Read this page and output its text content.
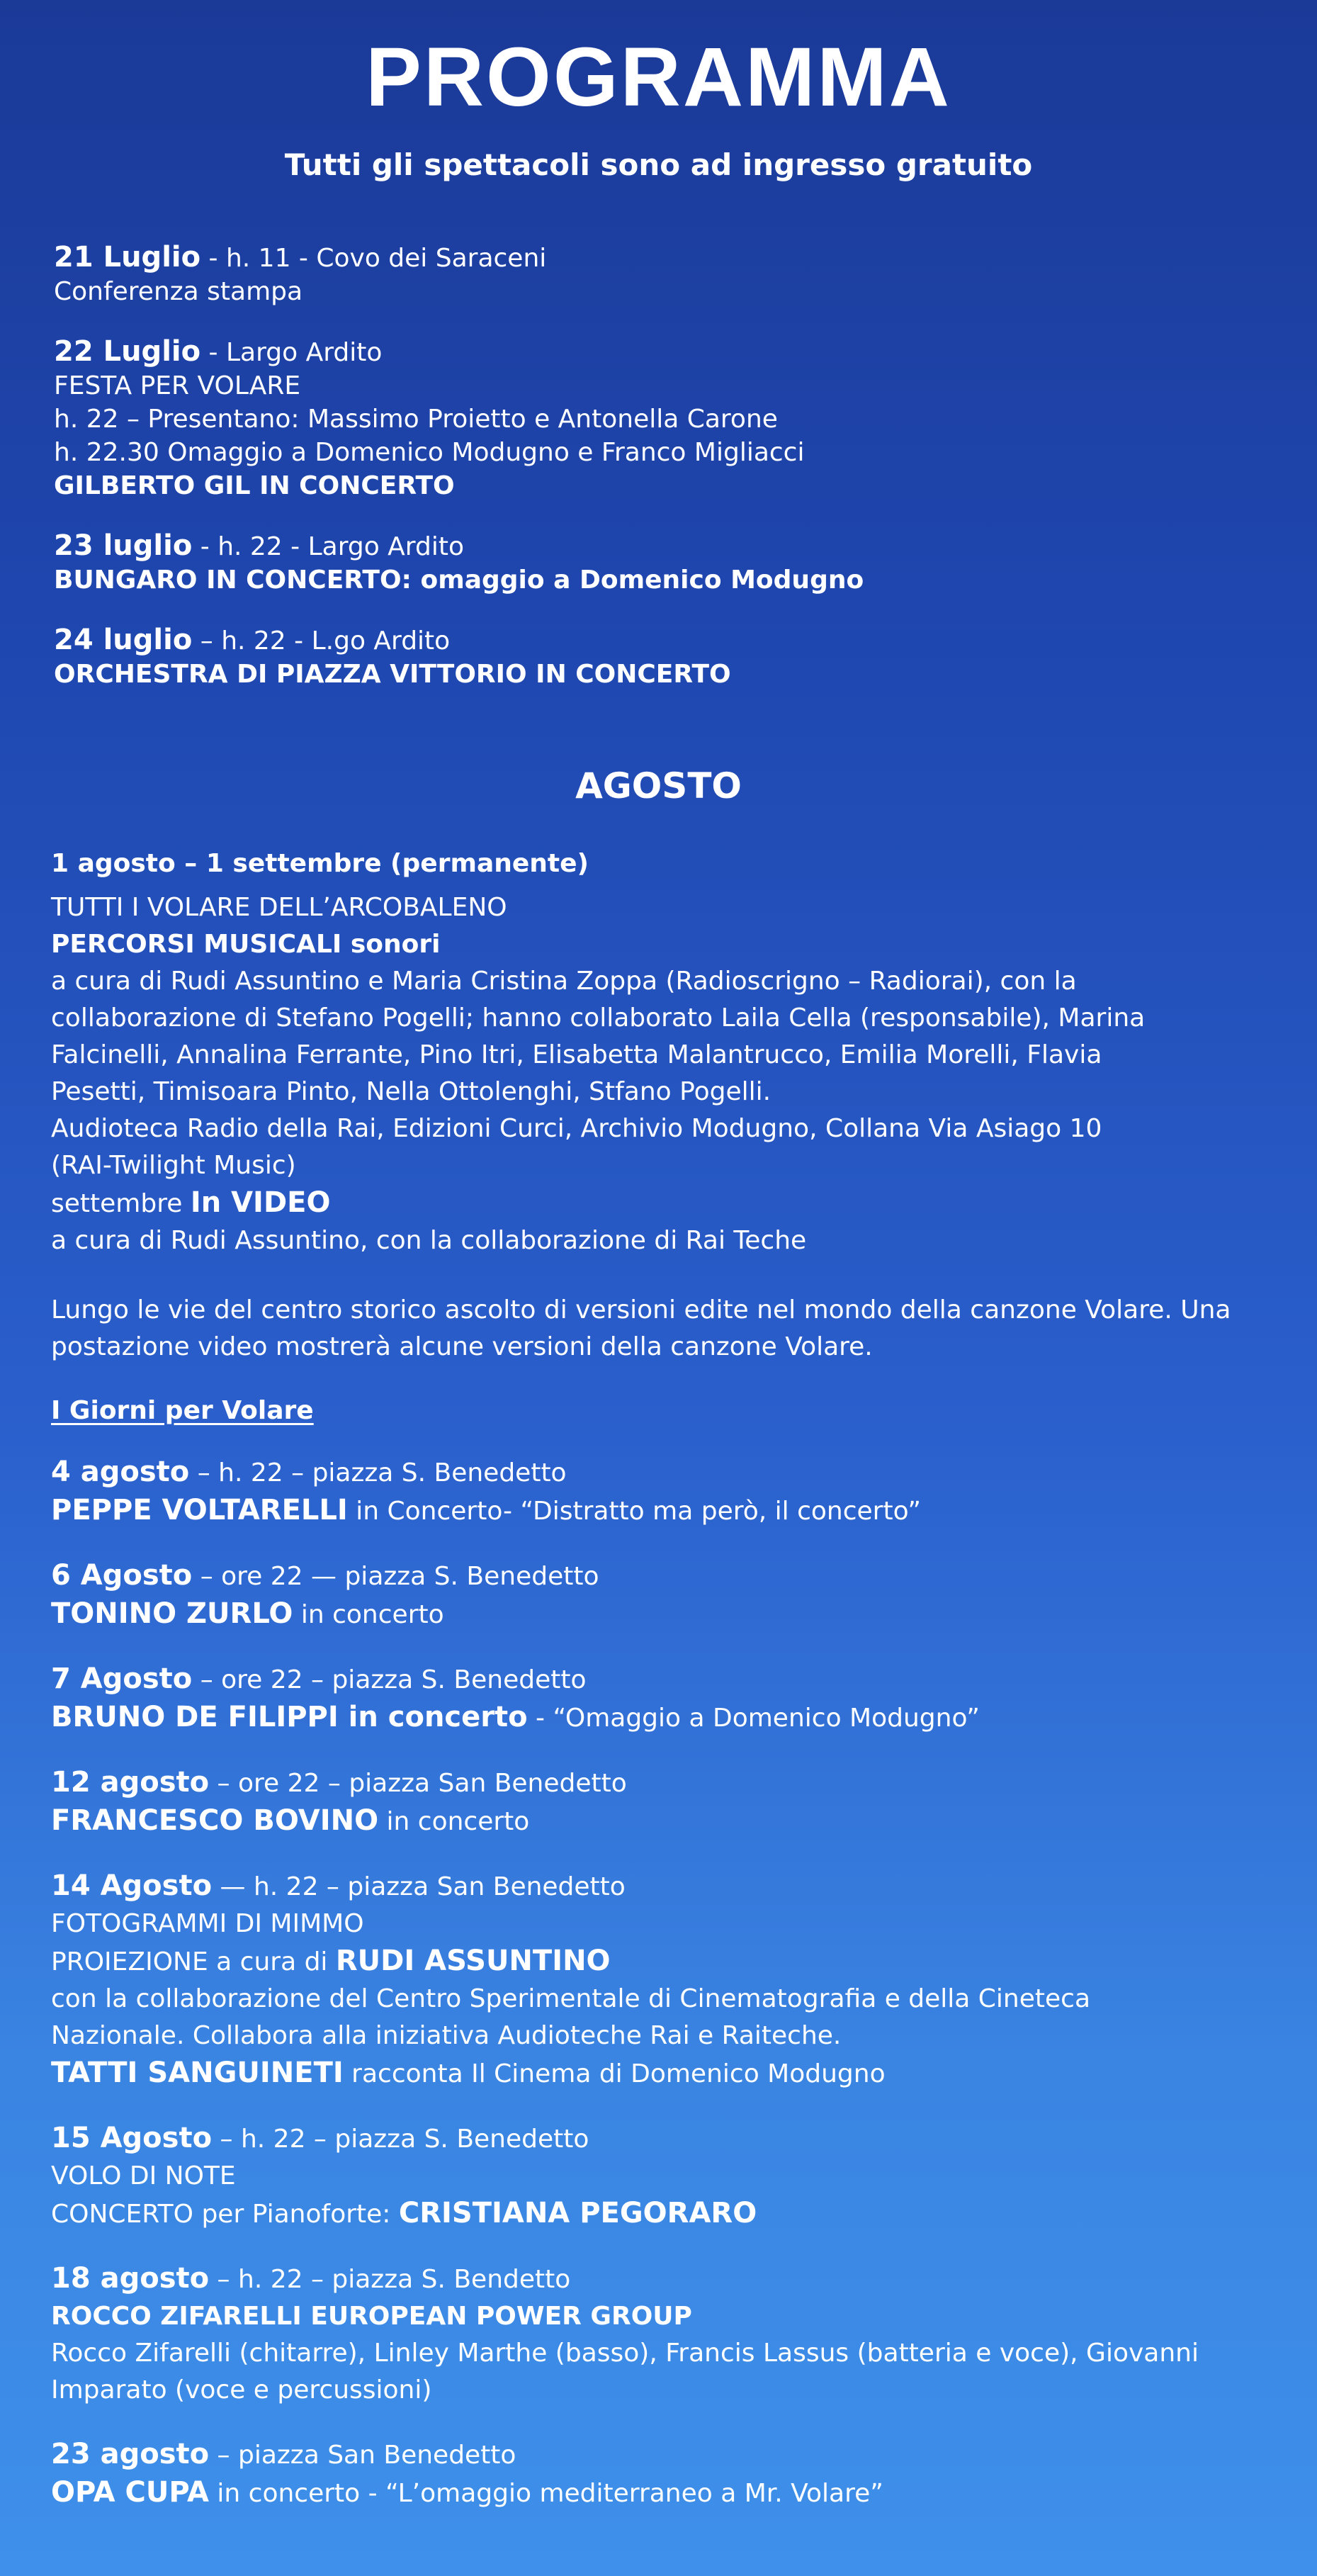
PROGRAMMA

Tutti gli spettacoli sono ad ingresso gratuito

21 Luglio - h. 11 - Covo dei Saraceni
Conferenza stampa
22 Luglio - Largo Ardito
FESTA PER VOLARE
h. 22 – Presentano: Massimo Proietto e Antonella Carone
h. 22.30 Omaggio a Domenico Modugno e Franco Migliacci
GILBERTO GIL IN CONCERTO
23 luglio - h. 22 - Largo Ardito
BUNGARO IN CONCERTO: omaggio a Domenico Modugno
24 luglio – h. 22 - L.go Ardito
ORCHESTRA DI PIAZZA VITTORIO IN CONCERTO
AGOSTO
1 agosto – 1 settembre (permanente)
TUTTI I VOLARE DELL’ARCOBALENO
PERCORSI MUSICALI sonori
a cura di Rudi Assuntino e Maria Cristina Zoppa (Radioscrigno – Radiorai), con la
collaborazione di Stefano Pogelli; hanno collaborato Laila Cella (responsabile), Marina
Falcinelli, Annalina Ferrante, Pino Itri, Elisabetta Malantrucco, Emilia Morelli, Flavia
Pesetti, Timisoara Pinto, Nella Ottolenghi, Stfano Pogelli.
Audioteca Radio della Rai, Edizioni Curci, Archivio Modugno, Collana Via Asiago 10
(RAI-Twilight Music)
settembre In VIDEO
a cura di Rudi Assuntino, con la collaborazione di Rai Teche
Lungo le vie del centro storico ascolto di versioni edite nel mondo della canzone Volare. Una
postazione video mostrerà alcune versioni della canzone Volare.
I Giorni per Volare
4 agosto – h. 22 – piazza S. Benedetto
PEPPE VOLTARELLI in Concerto- “Distratto ma però, il concerto”
6 Agosto – ore 22 — piazza S. Benedetto
TONINO ZURLO in concerto
7 Agosto – ore 22 – piazza S. Benedetto
BRUNO DE FILIPPI in concerto - “Omaggio a Domenico Modugno”
12 agosto – ore 22 – piazza San Benedetto
FRANCESCO BOVINO in concerto
14 Agosto — h. 22 – piazza San Benedetto
FOTOGRAMMI DI MIMMO
PROIEZIONE a cura di RUDI ASSUNTINO
con la collaborazione del Centro Sperimentale di Cinematografia e della Cineteca
Nazionale. Collabora alla iniziativa Audioteche Rai e Raiteche.
TATTI SANGUINETI racconta Il Cinema di Domenico Modugno
15 Agosto – h. 22 – piazza S. Benedetto
VOLO DI NOTE
CONCERTO per Pianoforte: CRISTIANA PEGORARO
18 agosto – h. 22 – piazza S. Bendetto
ROCCO ZIFARELLI EUROPEAN POWER GROUP
Rocco Zifarelli (chitarre), Linley Marthe (basso), Francis Lassus (batteria e voce), Giovanni
Imparato (voce e percussioni)
23 agosto – piazza San Benedetto
OPA CUPA in concerto - “L’omaggio mediterraneo a Mr. Volare”
